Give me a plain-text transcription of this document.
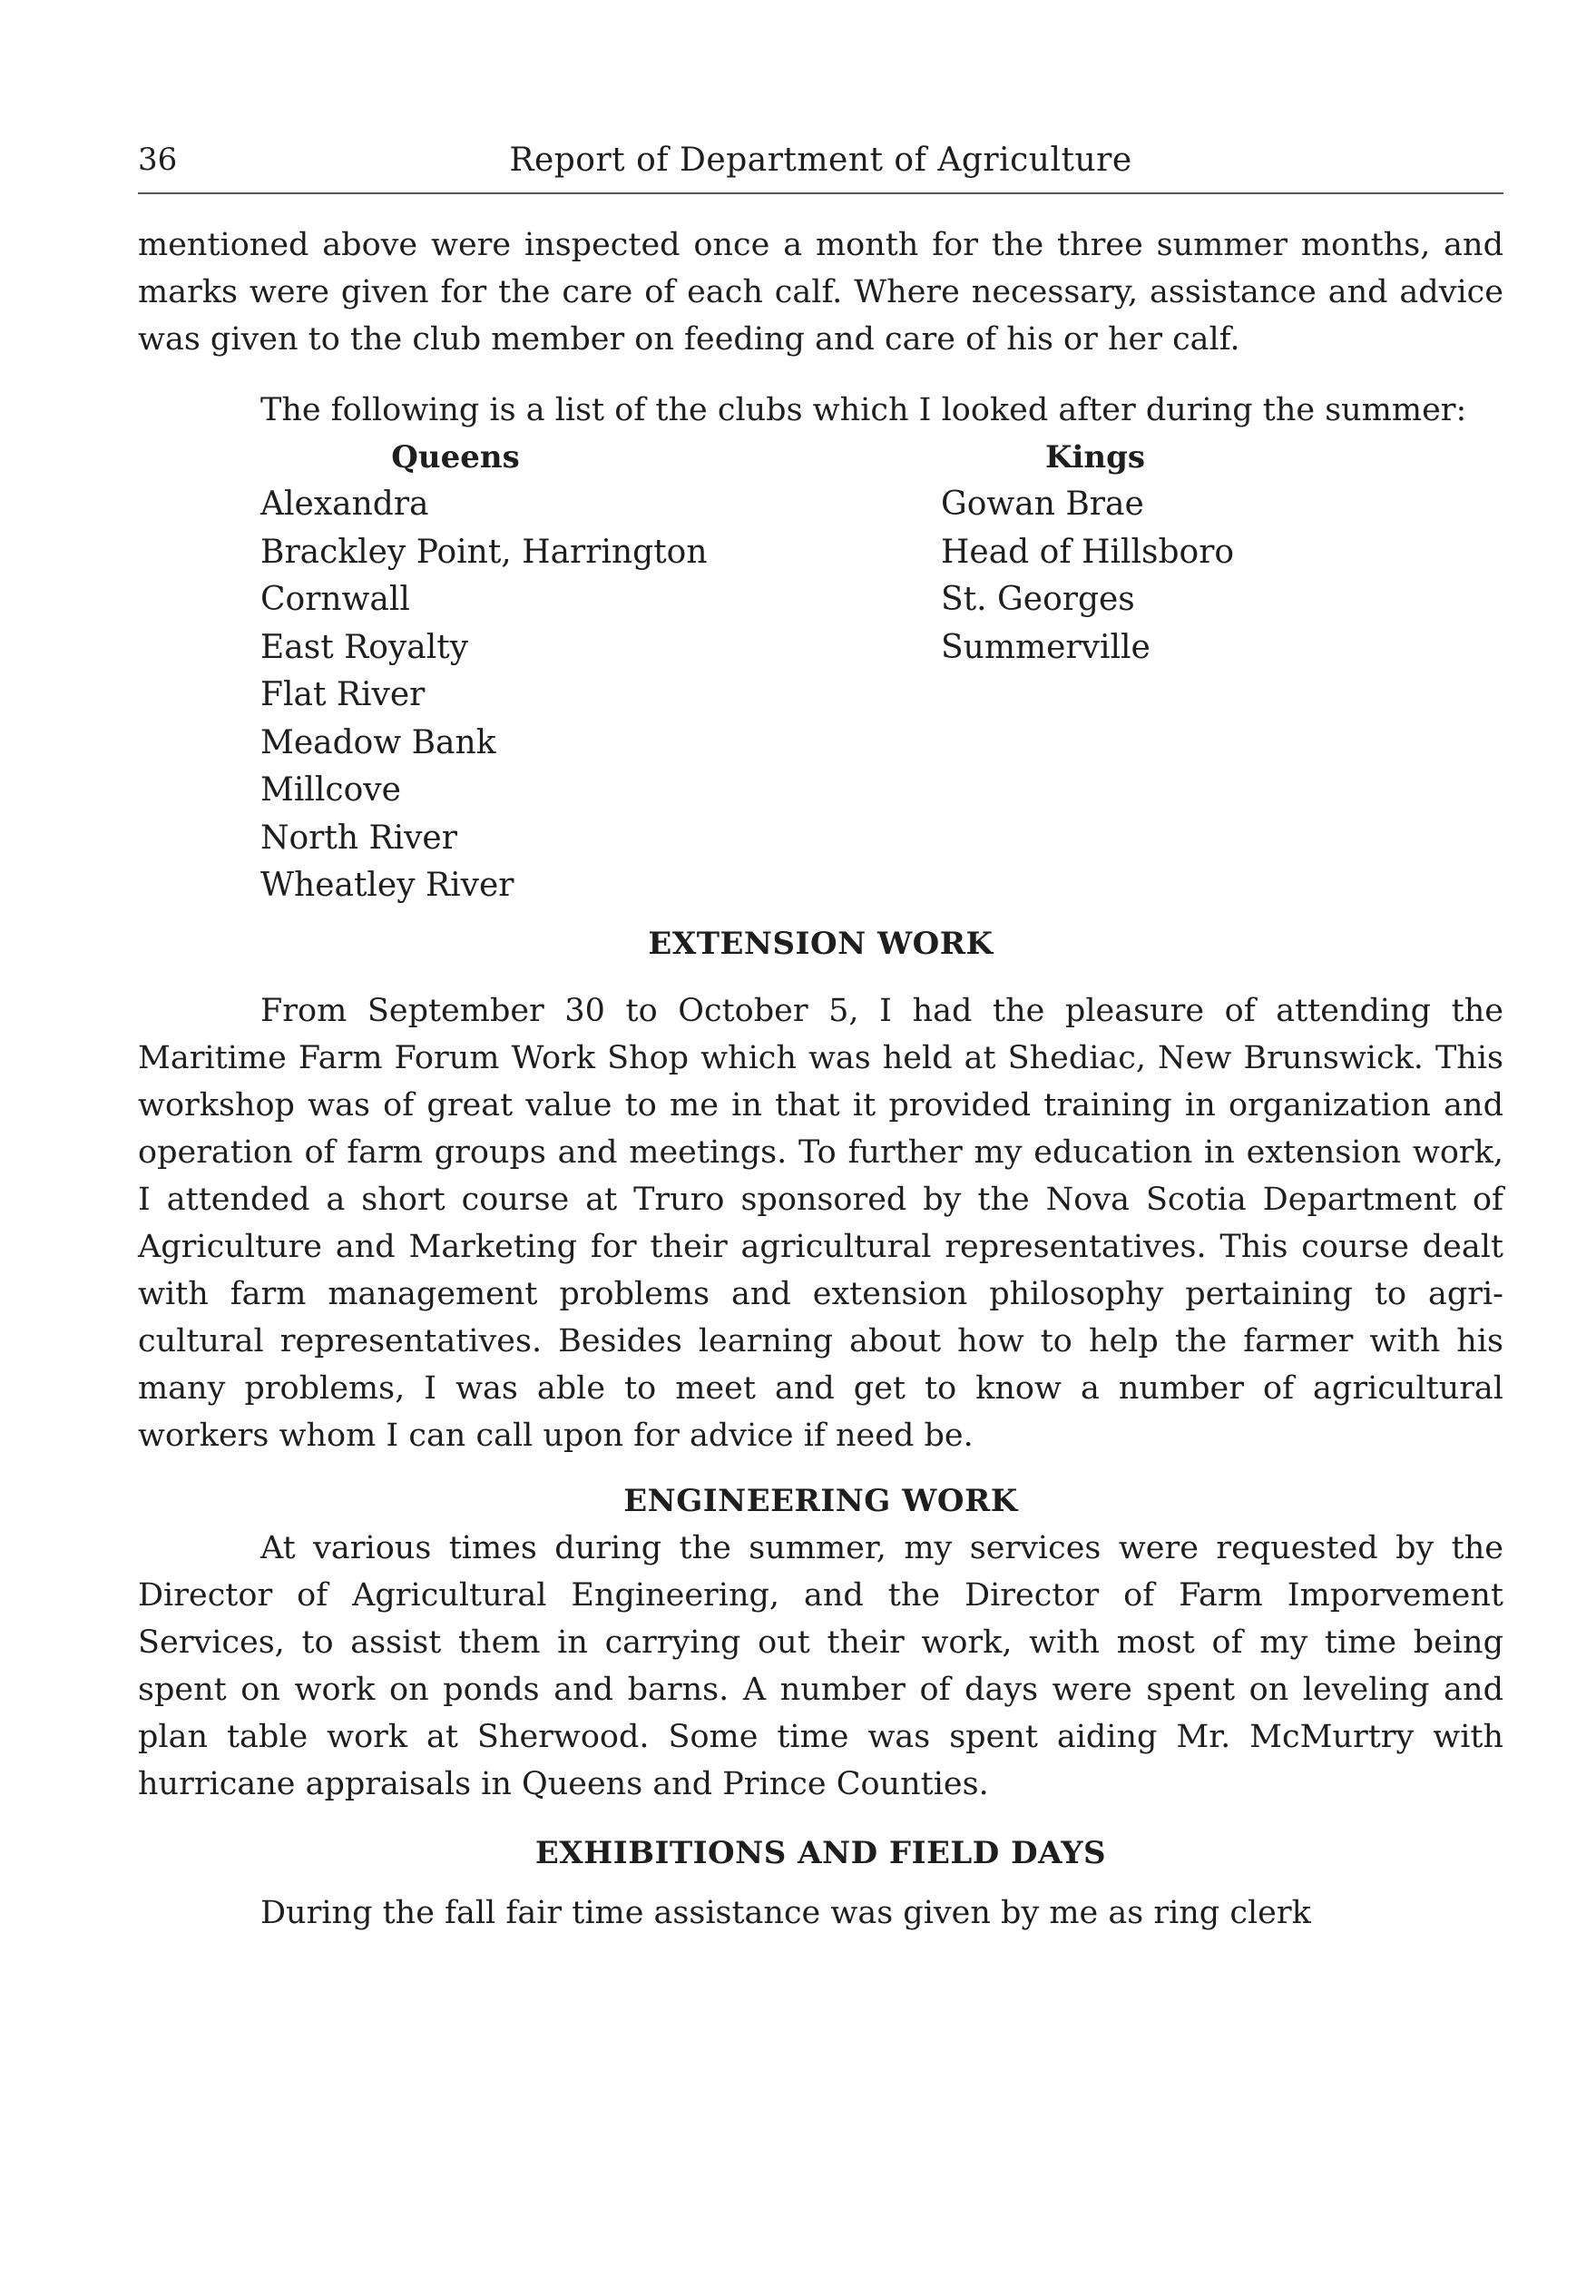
36	Report of Department of Agriculture

mentioned above were inspected once a month for the three summer months, and marks were given for the care of each calf. Where necessary, assistance and advice was given to the club member on feeding and care of his or her calf.

The following is a list of the clubs which I looked after during the summer:

Queens
Alexandra
Brackley Point, Harrington
Cornwall
East Royalty
Flat River
Meadow Bank
Millcove
North River
Wheatley River
Kings
Gowan Brae
Head of Hillsboro
St. Georges
Summerville
EXTENSION WORK

From September 30 to October 5, I had the pleasure of attending the Maritime Farm Forum Work Shop which was held at Shediac, New Brunswick. This workshop was of great value to me in that it provided training in organization and operation of farm groups and meetings. To further my education in extension work, I attended a short course at Truro sponsored by the Nova Scotia Department of Agriculture and Marketing for their agricultural representatives. This course dealt with farm management problems and extension philosophy pertaining to agricultural representatives. Besides learning about how to help the farmer with his many problems, I was able to meet and get to know a number of agricultural workers whom I can call upon for advice if need be.

ENGINEERING WORK

At various times during the summer, my services were requested by the Director of Agricultural Engineering, and the Director of Farm Imporvement Services, to assist them in carrying out their work, with most of my time being spent on work on ponds and barns. A number of days were spent on leveling and plan table work at Sherwood. Some time was spent aiding Mr. McMurtry with hurricane appraisals in Queens and Prince Counties.

EXHIBITIONS AND FIELD DAYS

During the fall fair time assistance was given by me as ring clerk
